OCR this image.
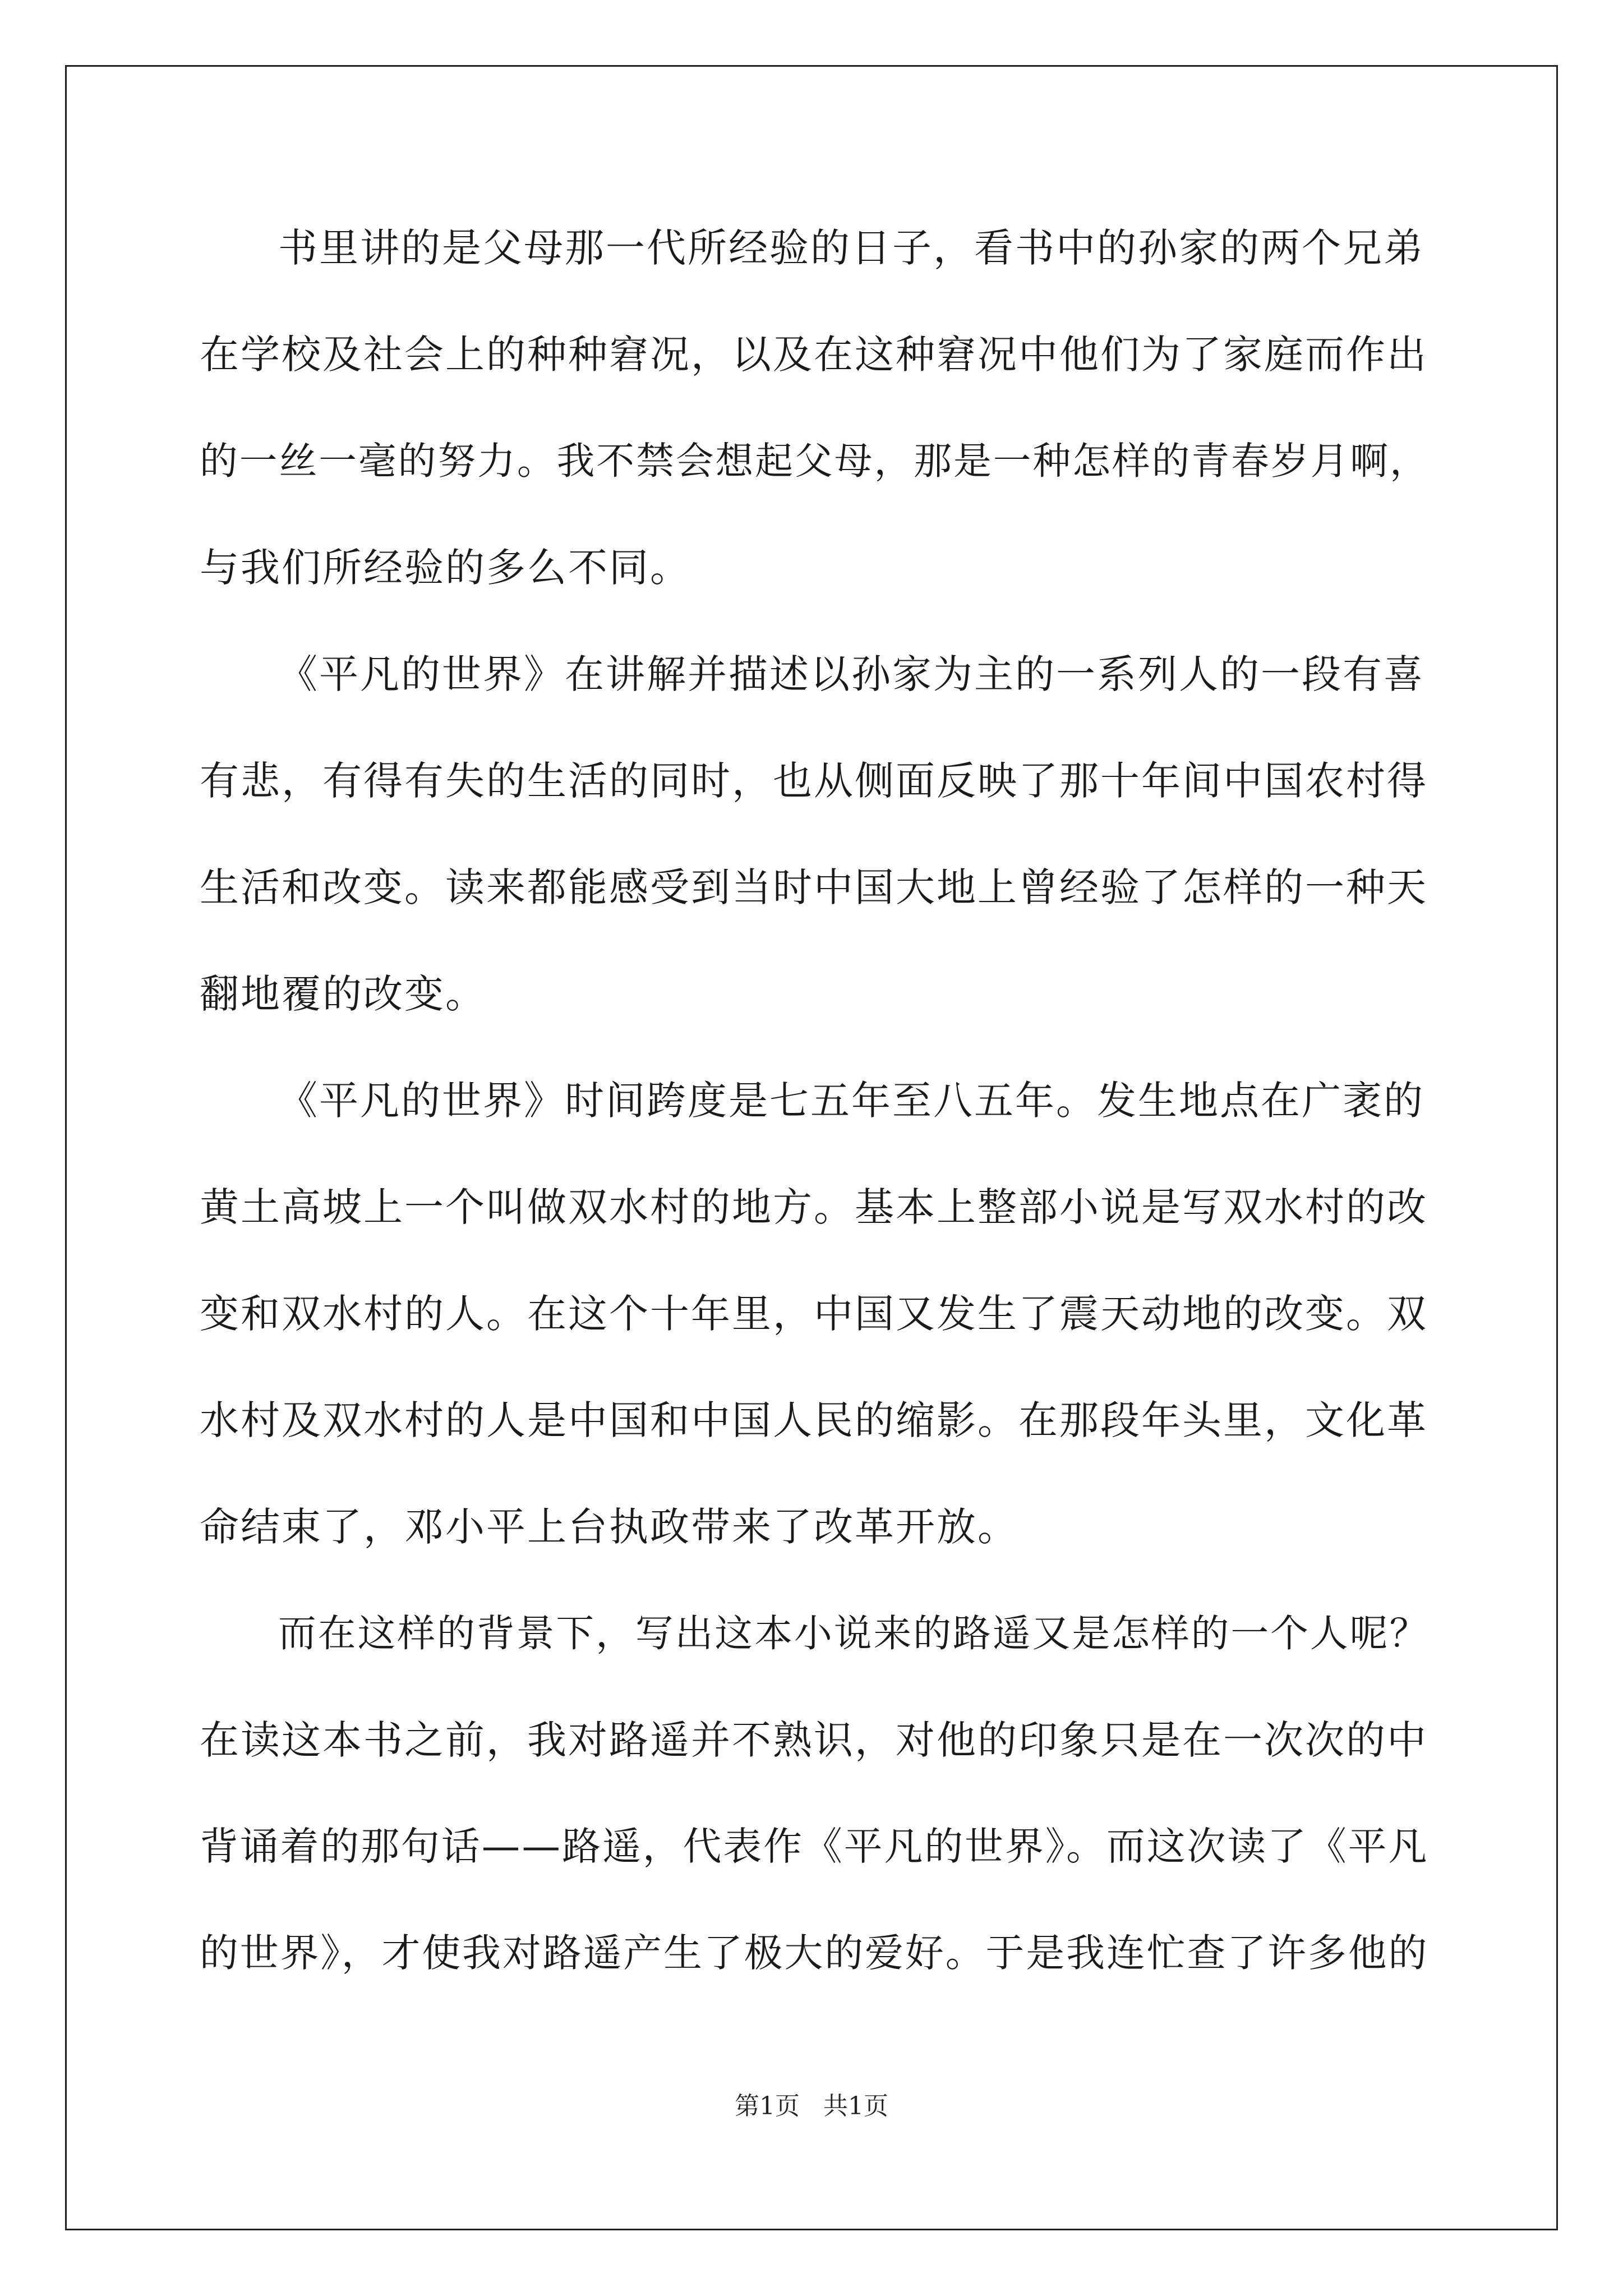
书里讲的是父母那一代所经验的日子，看书中的孙家的两个兄弟
在学校及社会上的种种窘况，以及在这种窘况中他们为了家庭而作出
的一丝一毫的努力。我不禁会想起父母，那是一种怎样的青春岁月啊，
与我们所经验的多么不同。
《平凡的世界》在讲解并描述以孙家为主的一系列人的一段有喜
有悲，有得有失的生活的同时，也从侧面反映了那十年间中国农村得
生活和改变。读来都能感受到当时中国大地上曾经验了怎样的一种天
翻地覆的改变。
《平凡的世界》时间跨度是七五年至八五年。发生地点在广袤的
黄土高坡上一个叫做双水村的地方。基本上整部小说是写双水村的改
变和双水村的人。在这个十年里，中国又发生了震天动地的改变。双
水村及双水村的人是中国和中国人民的缩影。在那段年头里，文化革
命结束了，邓小平上台执政带来了改革开放。
而在这样的背景下，写出这本小说来的路遥又是怎样的一个人呢？
在读这本书之前，我对路遥并不熟识，对他的印象只是在一次次的中
背诵着的那句话——路遥，代表作《平凡的世界》。而这次读了《平凡
的世界》，才使我对路遥产生了极大的爱好。于是我连忙查了许多他的
第1页   共1页
